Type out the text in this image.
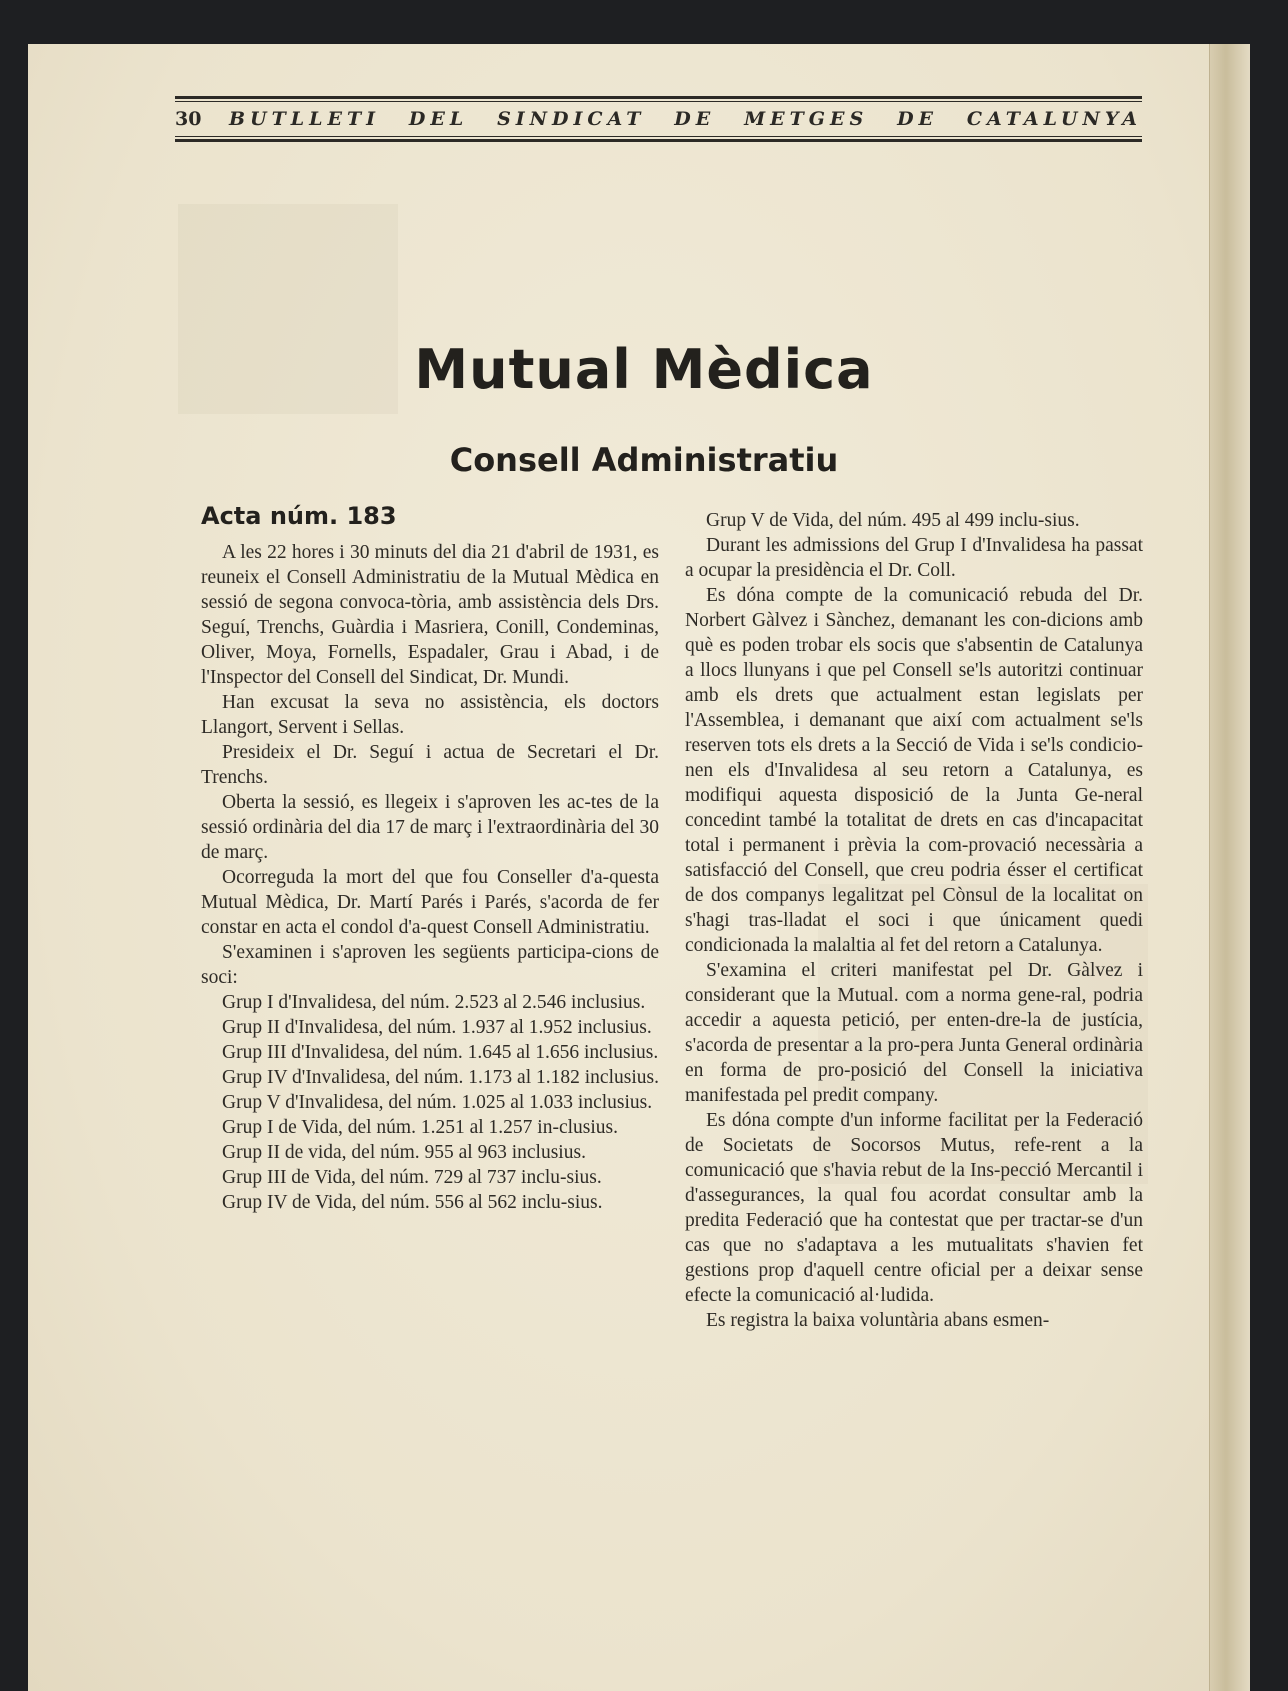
30	BUTLLETI DEL SINDICAT DE METGES DE CATALUNYA
Mutual Mèdica
Consell Administratiu
Acta núm. 183

A les 22 hores i 30 minuts del dia 21 d'abril de 1931, es reuneix el Consell Administratiu de la Mutual Mèdica en sessió de segona convoca-tòria, amb assistència dels Drs. Seguí, Trenchs, Guàrdia i Masriera, Conill, Condeminas, Oliver, Moya, Fornells, Espadaler, Grau i Abad, i de l'Inspector del Consell del Sindicat, Dr. Mundi.

Han excusat la seva no assistència, els doctors Llangort, Servent i Sellas.

Presideix el Dr. Seguí i actua de Secretari el Dr. Trenchs.

Oberta la sessió, es llegeix i s'aproven les ac-tes de la sessió ordinària del dia 17 de març i l'extraordinària del 30 de març.

Ocorreguda la mort del que fou Conseller d'a-questa Mutual Mèdica, Dr. Martí Parés i Parés, s'acorda de fer constar en acta el condol d'a-quest Consell Administratiu.

S'examinen i s'aproven les següents participa-cions de soci:

Grup I d'Invalidesa, del núm. 2.523 al 2.546 inclusius.

Grup II d'Invalidesa, del núm. 1.937 al 1.952 inclusius.

Grup III d'Invalidesa, del núm. 1.645 al 1.656 inclusius.

Grup IV d'Invalidesa, del núm. 1.173 al 1.182 inclusius.

Grup V d'Invalidesa, del núm. 1.025 al 1.033 inclusius.

Grup I de Vida, del núm. 1.251 al 1.257 in-clusius.

Grup II de vida, del núm. 955 al 963 inclusius.

Grup III de Vida, del núm. 729 al 737 inclu-sius.

Grup IV de Vida, del núm. 556 al 562 inclu-sius.

Grup V de Vida, del núm. 495 al 499 inclu-sius.

Durant les admissions del Grup I d'Invalidesa ha passat a ocupar la presidència el Dr. Coll.

Es dóna compte de la comunicació rebuda del Dr. Norbert Gàlvez i Sànchez, demanant les con-dicions amb què es poden trobar els socis que s'absentin de Catalunya a llocs llunyans i que pel Consell se'ls autoritzi continuar amb els drets que actualment estan legislats per l'Assemblea, i demanant que així com actualment se'ls reserven tots els drets a la Secció de Vida i se'ls condicio-nen els d'Invalidesa al seu retorn a Catalunya, es modifiqui aquesta disposició de la Junta Ge-neral concedint també la totalitat de drets en cas d'incapacitat total i permanent i prèvia la com-provació necessària a satisfacció del Consell, que creu podria ésser el certificat de dos companys legalitzat pel Cònsul de la localitat on s'hagi tras-lladat el soci i que únicament quedi condicionada la malaltia al fet del retorn a Catalunya.

S'examina el criteri manifestat pel Dr. Gàlvez i considerant que la Mutual. com a norma gene-ral, podria accedir a aquesta petició, per enten-dre-la de justícia, s'acorda de presentar a la pro-pera Junta General ordinària en forma de pro-posició del Consell la iniciativa manifestada pel predit company.

Es dóna compte d'un informe facilitat per la Federació de Societats de Socorsos Mutus, refe-rent a la comunicació que s'havia rebut de la Ins-pecció Mercantil i d'assegurances, la qual fou acordat consultar amb la predita Federació que ha contestat que per tractar-se d'un cas que no s'adaptava a les mutualitats s'havien fet gestions prop d'aquell centre oficial per a deixar sense efecte la comunicació al·ludida.

Es registra la baixa voluntària abans esmen-
